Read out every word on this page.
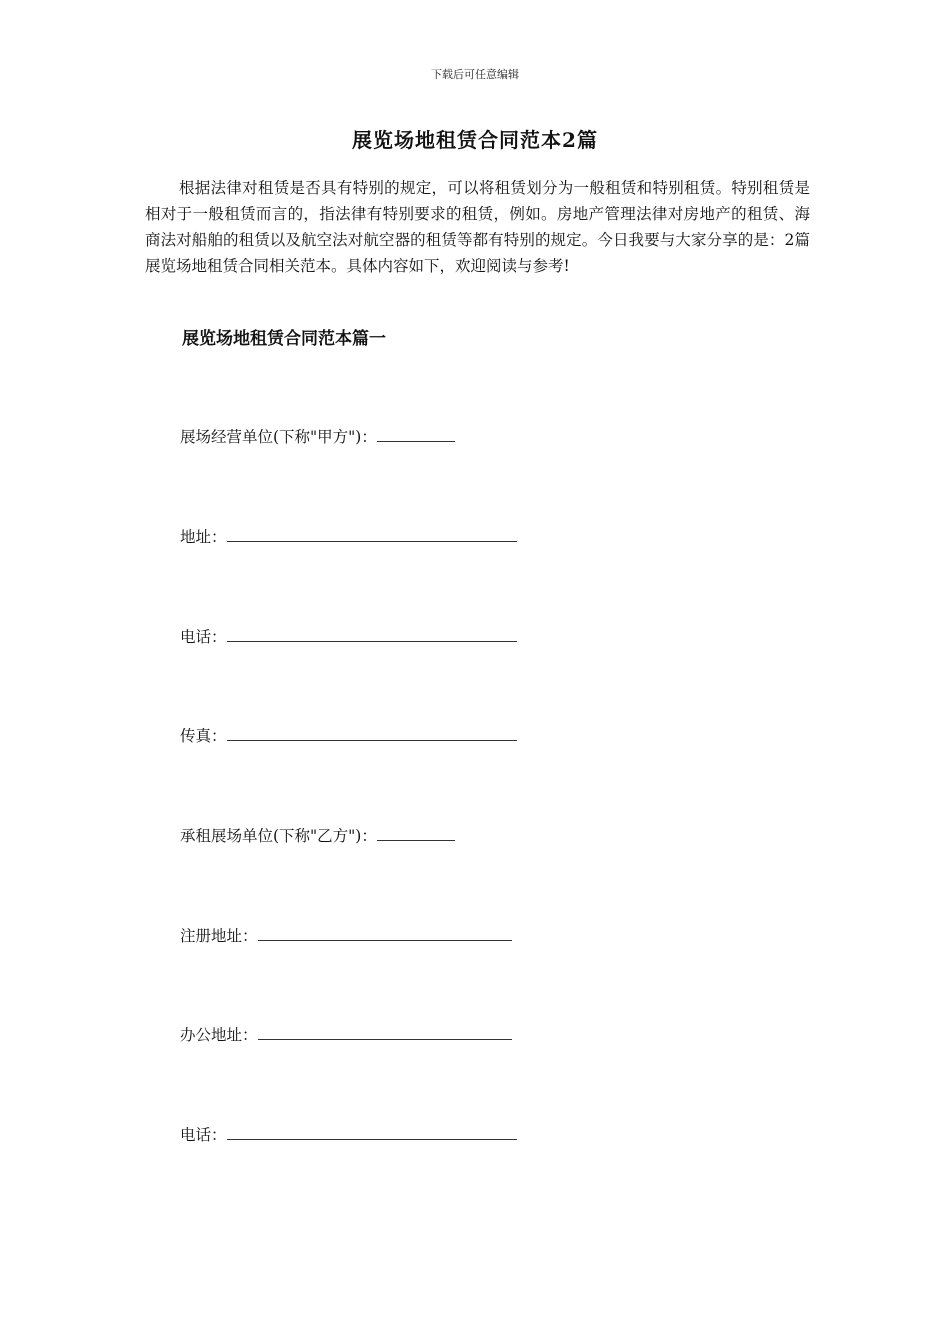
下载后可任意编辑
展览场地租赁合同范本2篇

根据法律对租赁是否具有特别的规定，可以将租赁划分为一般租赁和特别租赁。特别租赁是相对于一般租赁而言的，指法律有特别要求的租赁，例如。房地产管理法律对房地产的租赁、海商法对船舶的租赁以及航空法对航空器的租赁等都有特别的规定。今日我要与大家分享的是：2篇展览场地租赁合同相关范本。具体内容如下，欢迎阅读与参考!

展览场地租赁合同范本篇一
展场经营单位(下称"甲方")：
地址：
电话：
传真：
承租展场单位(下称"乙方")：
注册地址：
办公地址：
电话：
